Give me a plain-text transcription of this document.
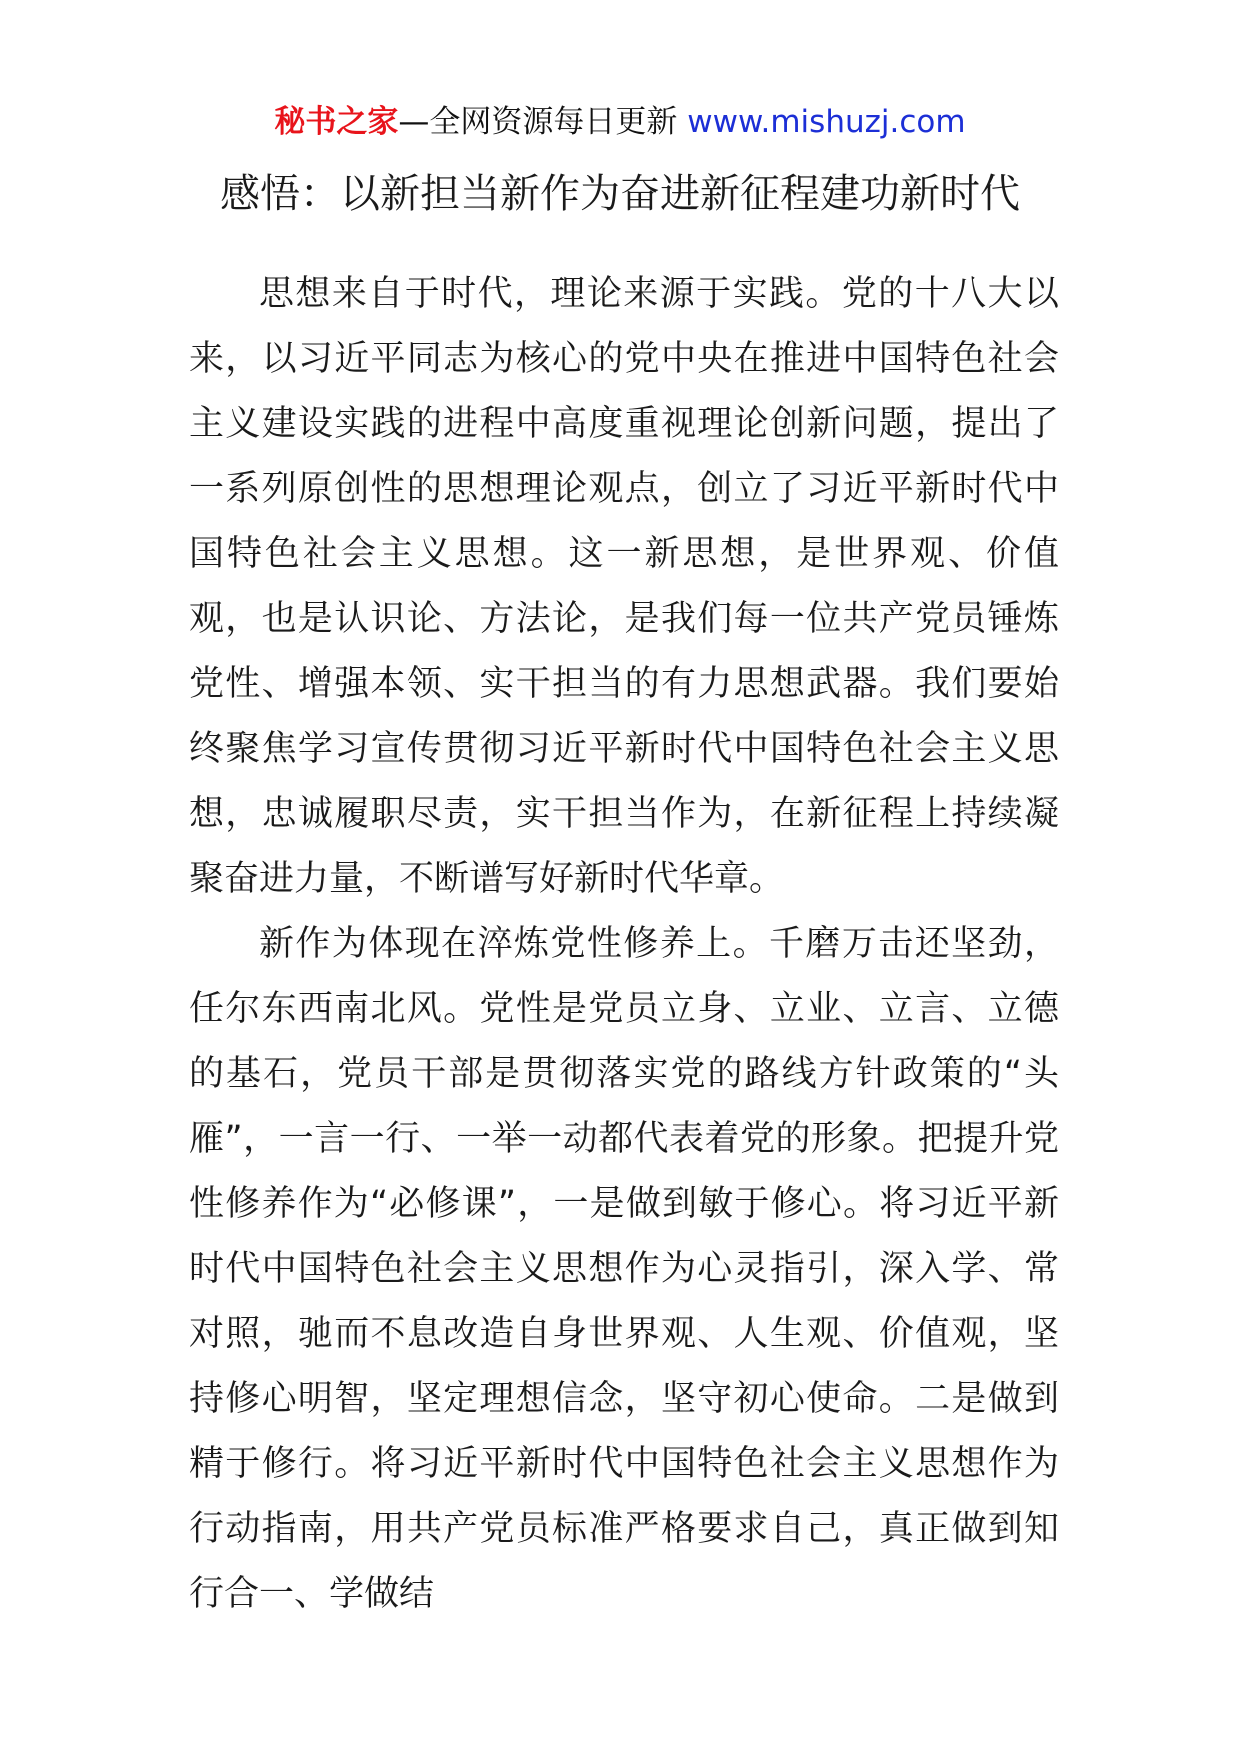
秘书之家—全网资源每日更新 www.mishuzj.com
感悟：以新担当新作为奋进新征程建功新时代

思想来自于时代，理论来源于实践。党的十八大以来，以习近平同志为核心的党中央在推进中国特色社会主义建设实践的进程中高度重视理论创新问题，提出了一系列原创性的思想理论观点，创立了习近平新时代中国特色社会主义思想。这一新思想，是世界观、价值观，也是认识论、方法论，是我们每一位共产党员锤炼党性、增强本领、实干担当的有力思想武器。我们要始终聚焦学习宣传贯彻习近平新时代中国特色社会主义思想，忠诚履职尽责，实干担当作为，在新征程上持续凝聚奋进力量，不断谱写好新时代华章。

新作为体现在淬炼党性修养上。千磨万击还坚劲，任尔东西南北风。党性是党员立身、立业、立言、立德的基石，党员干部是贯彻落实党的路线方针政策的“头雁”，一言一行、一举一动都代表着党的形象。把提升党性修养作为“必修课”，一是做到敏于修心。将习近平新时代中国特色社会主义思想作为心灵指引，深入学、常对照，驰而不息改造自身世界观、人生观、价值观，坚持修心明智，坚定理想信念，坚守初心使命。二是做到精于修行。将习近平新时代中国特色社会主义思想作为行动指南，用共产党员标准严格要求自己，真正做到知行合一、学做结
